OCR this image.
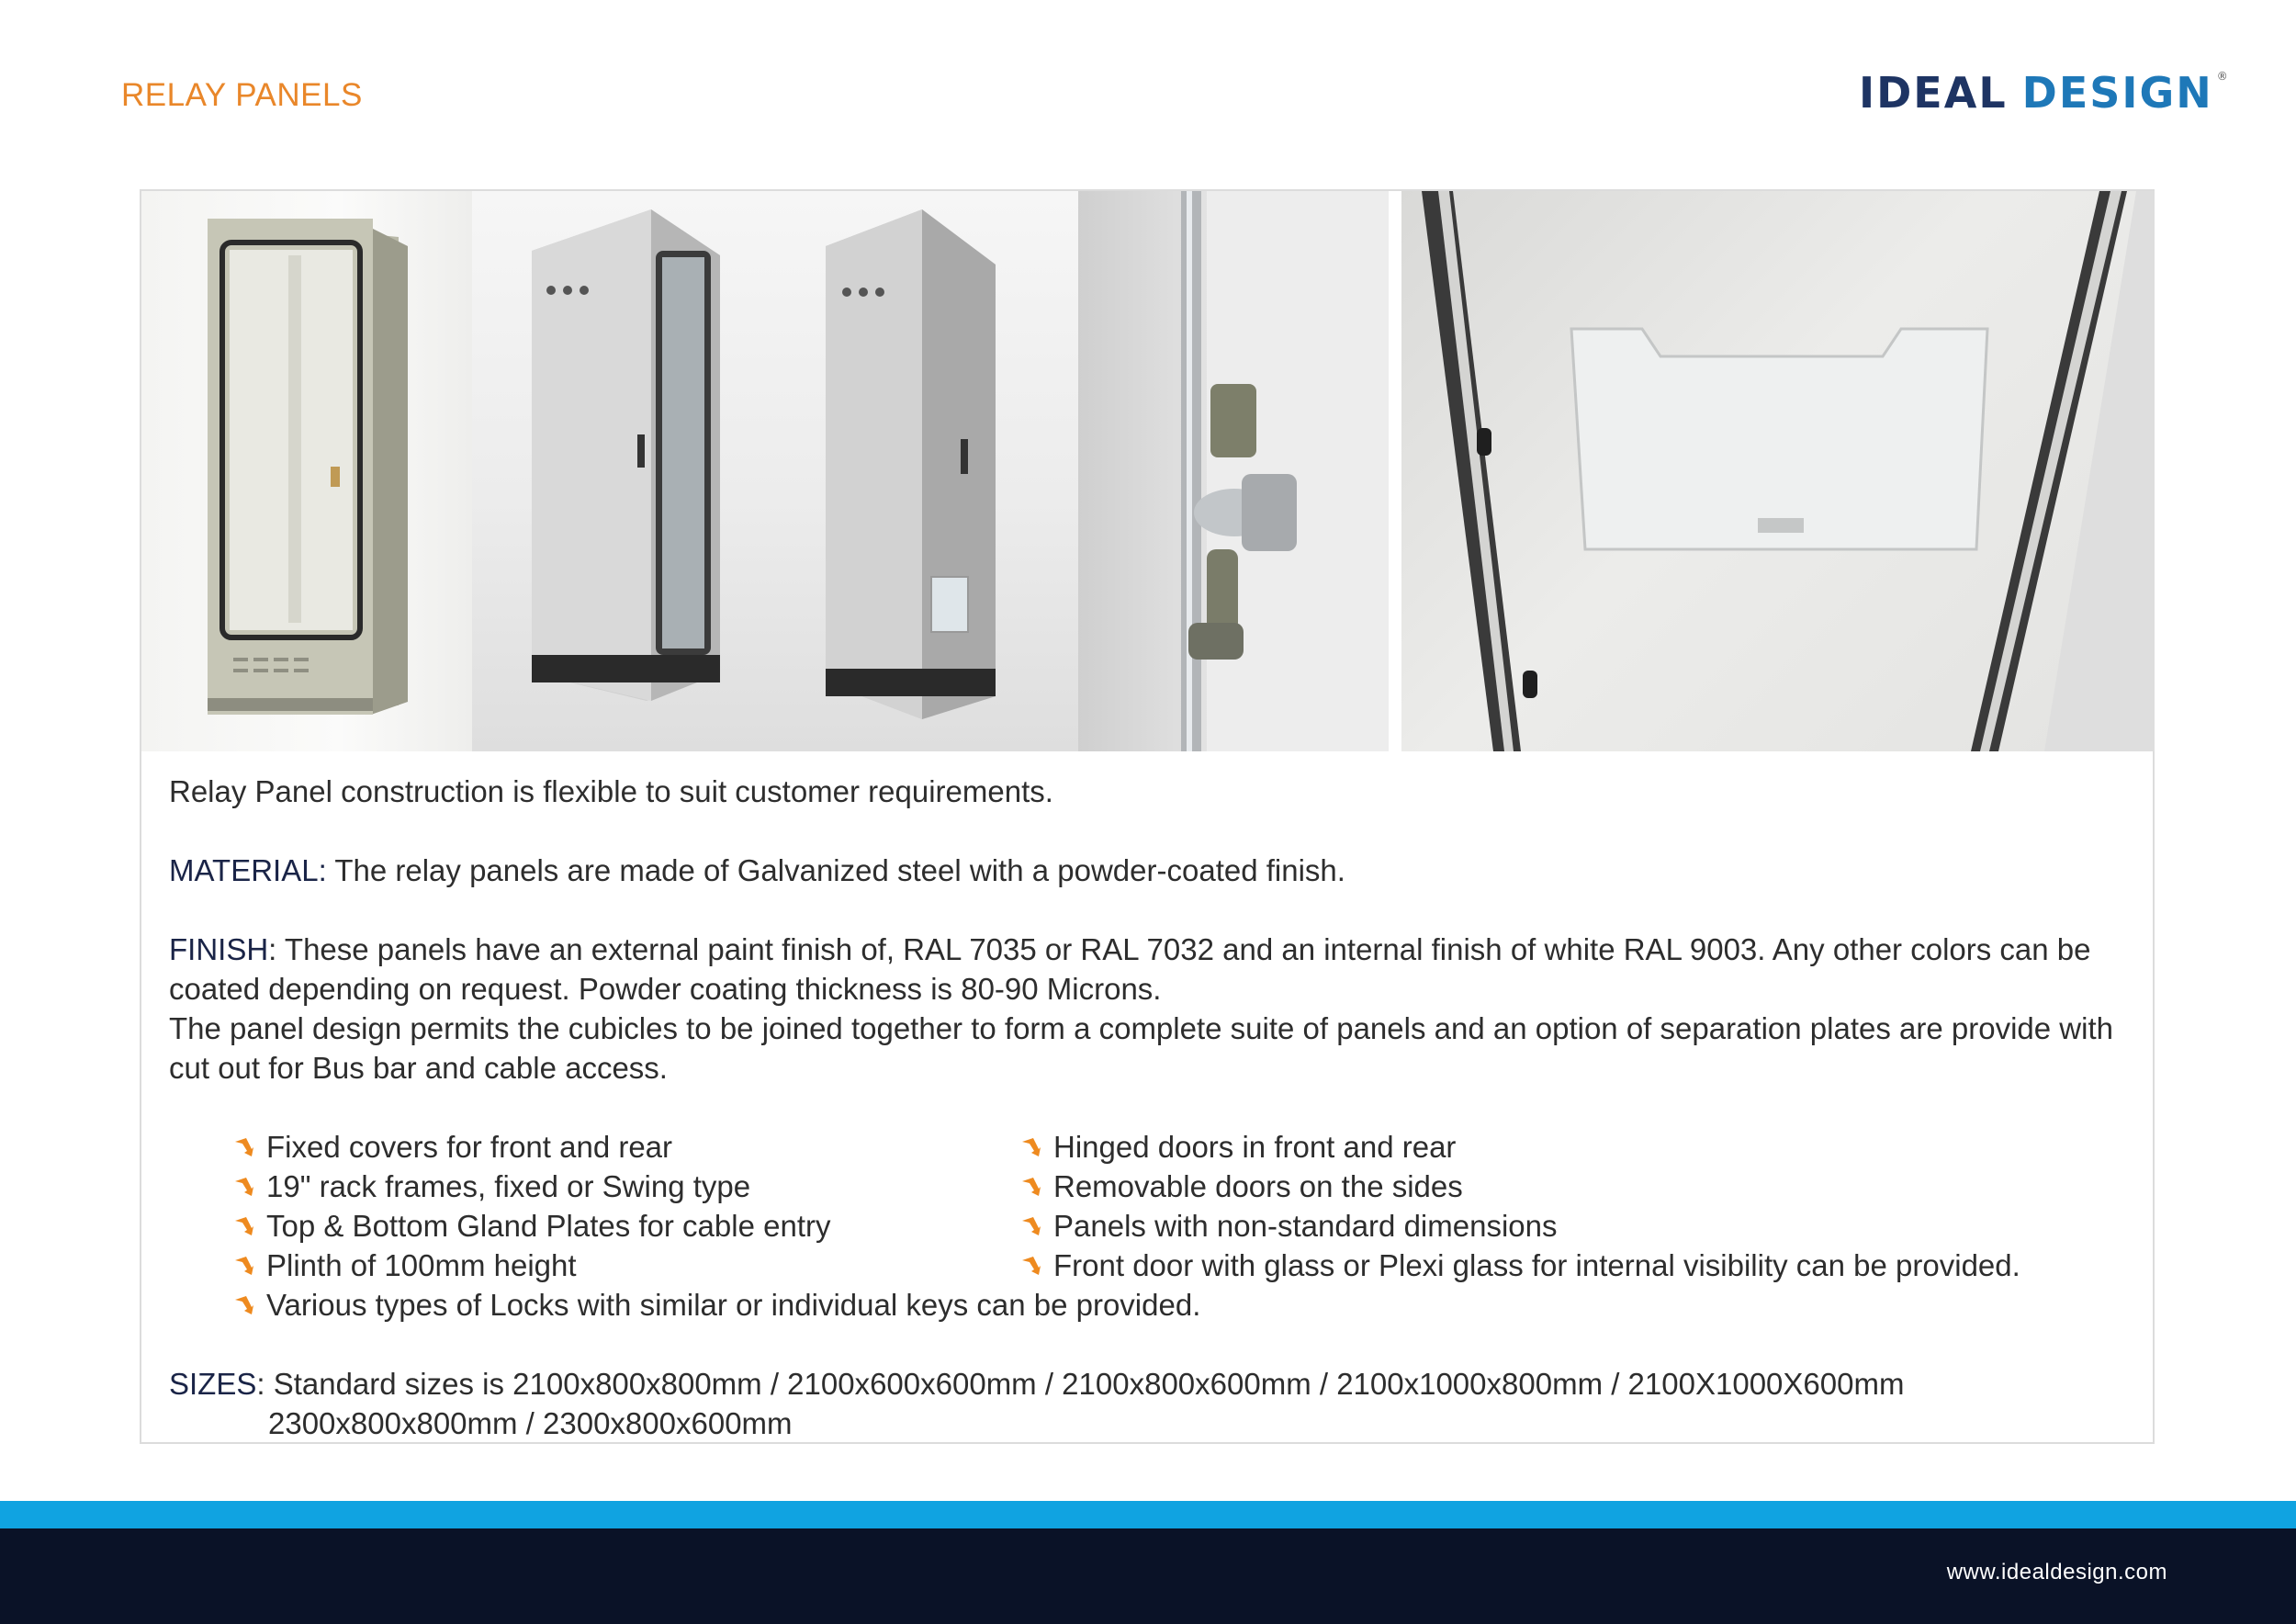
RELAY PANELS	IDEAL DESIGN ®

Relay Panel construction is flexible to suit customer requirements.

MATERIAL: The relay panels are made of Galvanized steel with a powder-coated finish.

FINISH: These panels have an external paint finish of, RAL 7035 or RAL 7032 and an internal finish of white RAL 9003. Any other colors can be coated depending on request. Powder coating thickness is 80-90 Microns.

The panel design permits the cubicles to be joined together to form a complete suite of panels and an option of separation plates are provide with cut out for Bus bar and cable access.

Fixed covers for front and rear
19" rack frames, fixed or Swing type
Top & Bottom Gland Plates for cable entry
Plinth of 100mm height
Various types of Locks with similar or individual keys can be provided.
Hinged doors in front and rear
Removable doors on the sides
Panels with non-standard dimensions
Front door with glass or Plexi glass for internal visibility can be provided.

SIZES: Standard sizes is 2100x800x800mm / 2100x600x600mm / 2100x800x600mm / 2100x1000x800mm / 2100X1000X600mm

2300x800x800mm / 2300x800x600mm

www.idealdesign.com
